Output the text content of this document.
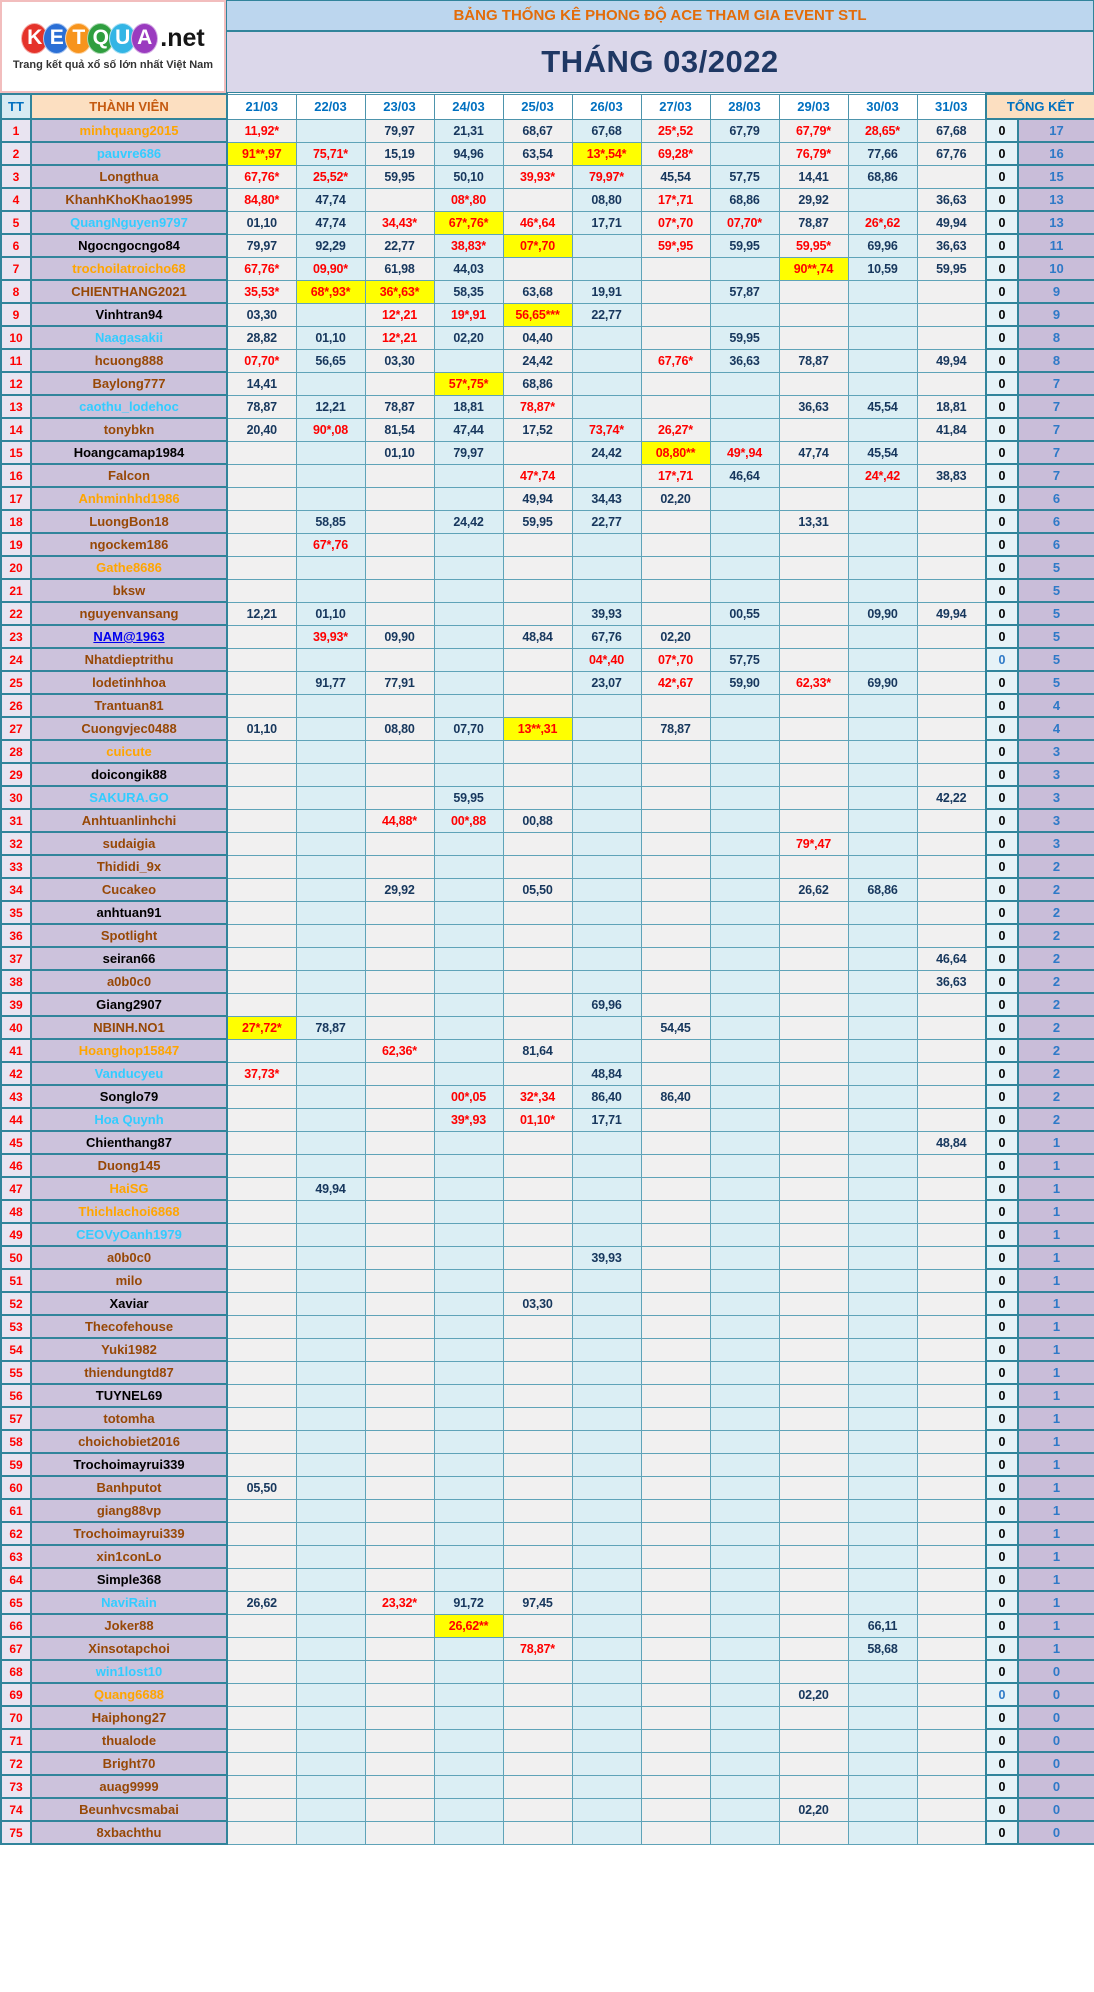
K E T Q U A .net
Trang kết quả xổ số lớn nhất Việt Nam
BẢNG THỐNG KÊ PHONG ĐỘ ACE THAM GIA EVENT STL
THÁNG 03/2022
TT	THÀNH VIÊN	21/03	22/03	23/03	24/03	25/03	26/03	27/03	28/03	29/03	30/03	31/03	TỔNG KẾT	
1	minhquang2015	11,92*		79,97	21,31	68,67	67,68	25*,52	67,79	67,79*	28,65*	67,68	0	17
2	pauvre686	91**,97	75,71*	15,19	94,96	63,54	13*,54*	69,28*		76,79*	77,66	67,76	0	16
3	Longthua	67,76*	25,52*	59,95	50,10	39,93*	79,97*	45,54	57,75	14,41	68,86		0	15
4	KhanhKhoKhao1995	84,80*	47,74		08*,80		08,80	17*,71	68,86	29,92		36,63	0	13
5	QuangNguyen9797	01,10	47,74	34,43*	67*,76*	46*,64	17,71	07*,70	07,70*	78,87	26*,62	49,94	0	13
6	Ngocngocngo84	79,97	92,29	22,77	38,83*	07*,70		59*,95	59,95	59,95*	69,96	36,63	0	11
7	trochoilatroicho68	67,76*	09,90*	61,98	44,03					90**,74	10,59	59,95	0	10
8	CHIENTHANG2021	35,53*	68*,93*	36*,63*	58,35	63,68	19,91		57,87				0	9
9	Vinhtran94	03,30		12*,21	19*,91	56,65***	22,77						0	9
10	Naagasakii	28,82	01,10	12*,21	02,20	04,40			59,95				0	8
11	hcuong888	07,70*	56,65	03,30		24,42		67,76*	36,63	78,87		49,94	0	8
12	Baylong777	14,41			57*,75*	68,86							0	7
13	caothu_lodehoc	78,87	12,21	78,87	18,81	78,87*				36,63	45,54	18,81	0	7
14	tonybkn	20,40	90*,08	81,54	47,44	17,52	73,74*	26,27*				41,84	0	7
15	Hoangcamap1984			01,10	79,97		24,42	08,80**	49*,94	47,74	45,54		0	7
16	Falcon					47*,74		17*,71	46,64		24*,42	38,83	0	7
17	Anhminhhd1986					49,94	34,43	02,20					0	6
18	LuongBon18		58,85		24,42	59,95	22,77			13,31			0	6
19	ngockem186		67*,76										0	6
20	Gathe8686												0	5
21	bksw												0	5
22	nguyenvansang	12,21	01,10				39,93		00,55		09,90	49,94	0	5
23	NAM@1963		39,93*	09,90		48,84	67,76	02,20					0	5
24	Nhatdieptrithu						04*,40	07*,70	57,75				0	5
25	lodetinhhoa		91,77	77,91			23,07	42*,67	59,90	62,33*	69,90		0	5
26	Trantuan81												0	4
27	Cuongvjec0488	01,10		08,80	07,70	13**,31		78,87					0	4
28	cuicute												0	3
29	doicongik88												0	3
30	SAKURA.GO				59,95							42,22	0	3
31	Anhtuanlinhchi			44,88*	00*,88	00,88							0	3
32	sudaigia									79*,47			0	3
33	Thididi_9x												0	2
34	Cucakeo			29,92		05,50				26,62	68,86		0	2
35	anhtuan91												0	2
36	Spotlight												0	2
37	seiran66											46,64	0	2
38	a0b0c0											36,63	0	2
39	Giang2907						69,96						0	2
40	NBINH.NO1	27*,72*	78,87					54,45					0	2
41	Hoanghop15847			62,36*		81,64							0	2
42	Vanducyeu	37,73*					48,84						0	2
43	Songlo79				00*,05	32*,34	86,40	86,40					0	2
44	Hoa Quynh				39*,93	01,10*	17,71						0	2
45	Chienthang87											48,84	0	1
46	Duong145												0	1
47	HaiSG		49,94										0	1
48	Thichlachoi6868												0	1
49	CEOVyOanh1979												0	1
50	a0b0c0						39,93						0	1
51	milo												0	1
52	Xaviar					03,30							0	1
53	Thecofehouse												0	1
54	Yuki1982												0	1
55	thiendungtd87												0	1
56	TUYNEL69												0	1
57	totomha												0	1
58	choichobiet2016												0	1
59	Trochoimayrui339												0	1
60	Banhputot	05,50											0	1
61	giang88vp												0	1
62	Trochoimayrui339												0	1
63	xin1conLo												0	1
64	Simple368												0	1
65	NaviRain	26,62		23,32*	91,72	97,45							0	1
66	Joker88				26,62**						66,11		0	1
67	Xinsotapchoi					78,87*					58,68		0	1
68	win1lost10												0	0
69	Quang6688									02,20			0	0
70	Haiphong27												0	0
71	thualode												0	0
72	Bright70												0	0
73	auag9999												0	0
74	Beunhvcsmabai									02,20			0	0
75	8xbachthu												0	0
